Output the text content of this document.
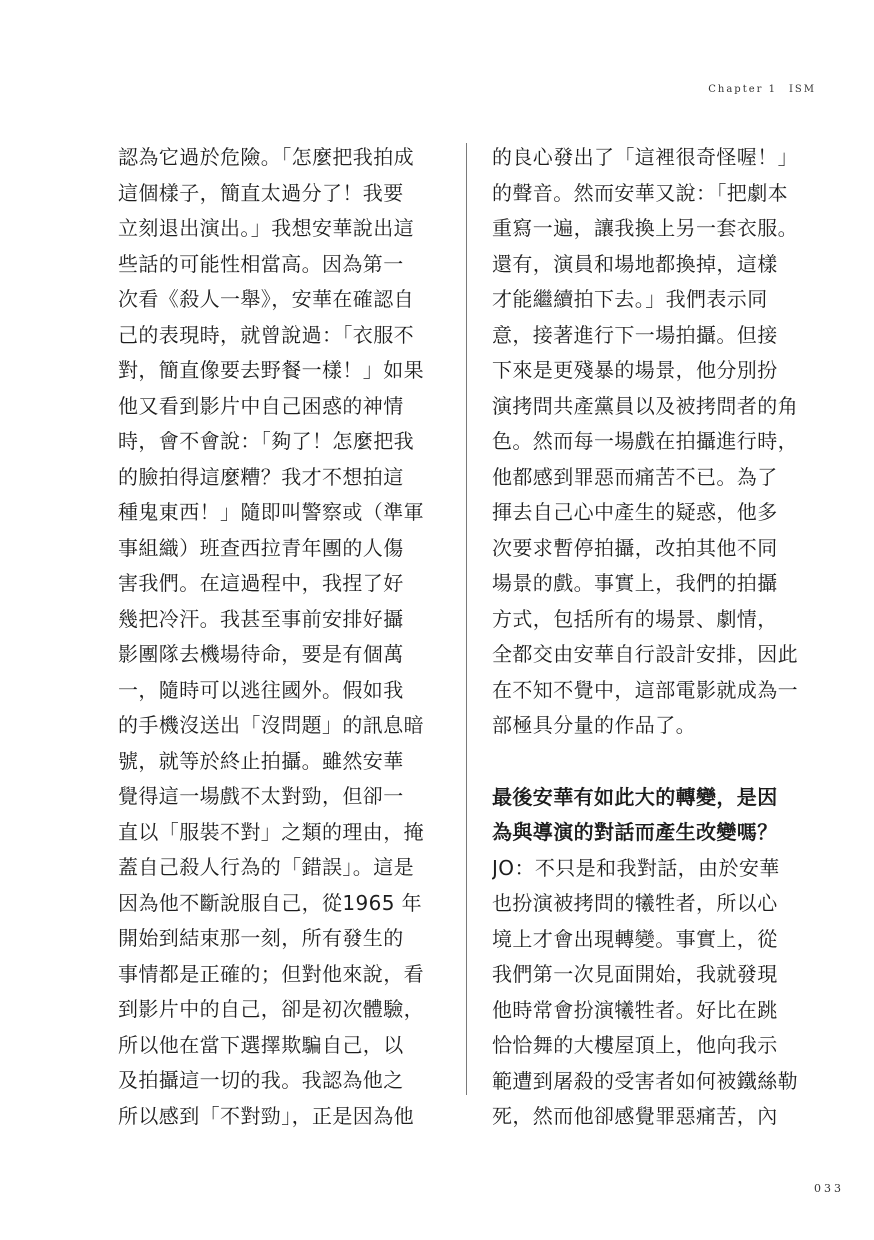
Chapter 1　ISM
認為它過於危險。「怎麼把我拍成
這個樣子，簡直太過分了！我要
立刻退出演出。」我想安華說出這
些話的可能性相當高。因為第一
次看《殺人一舉》，安華在確認自
己的表現時，就曾說過：「衣服不
對，簡直像要去野餐一樣！」如果
他又看到影片中自己困惑的神情
時，會不會說：「夠了！怎麼把我
的臉拍得這麼糟？我才不想拍這
種鬼東西！」隨即叫警察或（準軍
事組織）班查西拉青年團的人傷
害我們。在這過程中，我捏了好
幾把冷汗。我甚至事前安排好攝
影團隊去機場待命，要是有個萬
一，隨時可以逃往國外。假如我
的手機沒送出「沒問題」的訊息暗
號，就等於終止拍攝。雖然安華
覺得這一場戲不太對勁，但卻一
直以「服裝不對」之類的理由，掩
蓋自己殺人行為的「錯誤」。這是
因為他不斷說服自己，從1965 年
開始到結束那一刻，所有發生的
事情都是正確的；但對他來說，看
到影片中的自己，卻是初次體驗，
所以他在當下選擇欺騙自己，以
及拍攝這一切的我。我認為他之
所以感到「不對勁」，正是因為他
的良心發出了「這裡很奇怪喔！」
的聲音。然而安華又說：「把劇本
重寫一遍，讓我換上另一套衣服。
還有，演員和場地都換掉，這樣
才能繼續拍下去。」我們表示同
意，接著進行下一場拍攝。但接
下來是更殘暴的場景，他分別扮
演拷問共產黨員以及被拷問者的角
色。然而每一場戲在拍攝進行時，
他都感到罪惡而痛苦不已。為了
揮去自己心中產生的疑惑，他多
次要求暫停拍攝，改拍其他不同
場景的戲。事實上，我們的拍攝
方式，包括所有的場景、劇情，
全都交由安華自行設計安排，因此
在不知不覺中，這部電影就成為一
部極具分量的作品了。
最後安華有如此大的轉變，是因
為與導演的對話而產生改變嗎？
JO：不只是和我對話，由於安華
也扮演被拷問的犧牲者，所以心
境上才會出現轉變。事實上，從
我們第一次見面開始，我就發現
他時常會扮演犧牲者。好比在跳
恰恰舞的大樓屋頂上，他向我示
範遭到屠殺的受害者如何被鐵絲勒
死，然而他卻感覺罪惡痛苦，內
033
